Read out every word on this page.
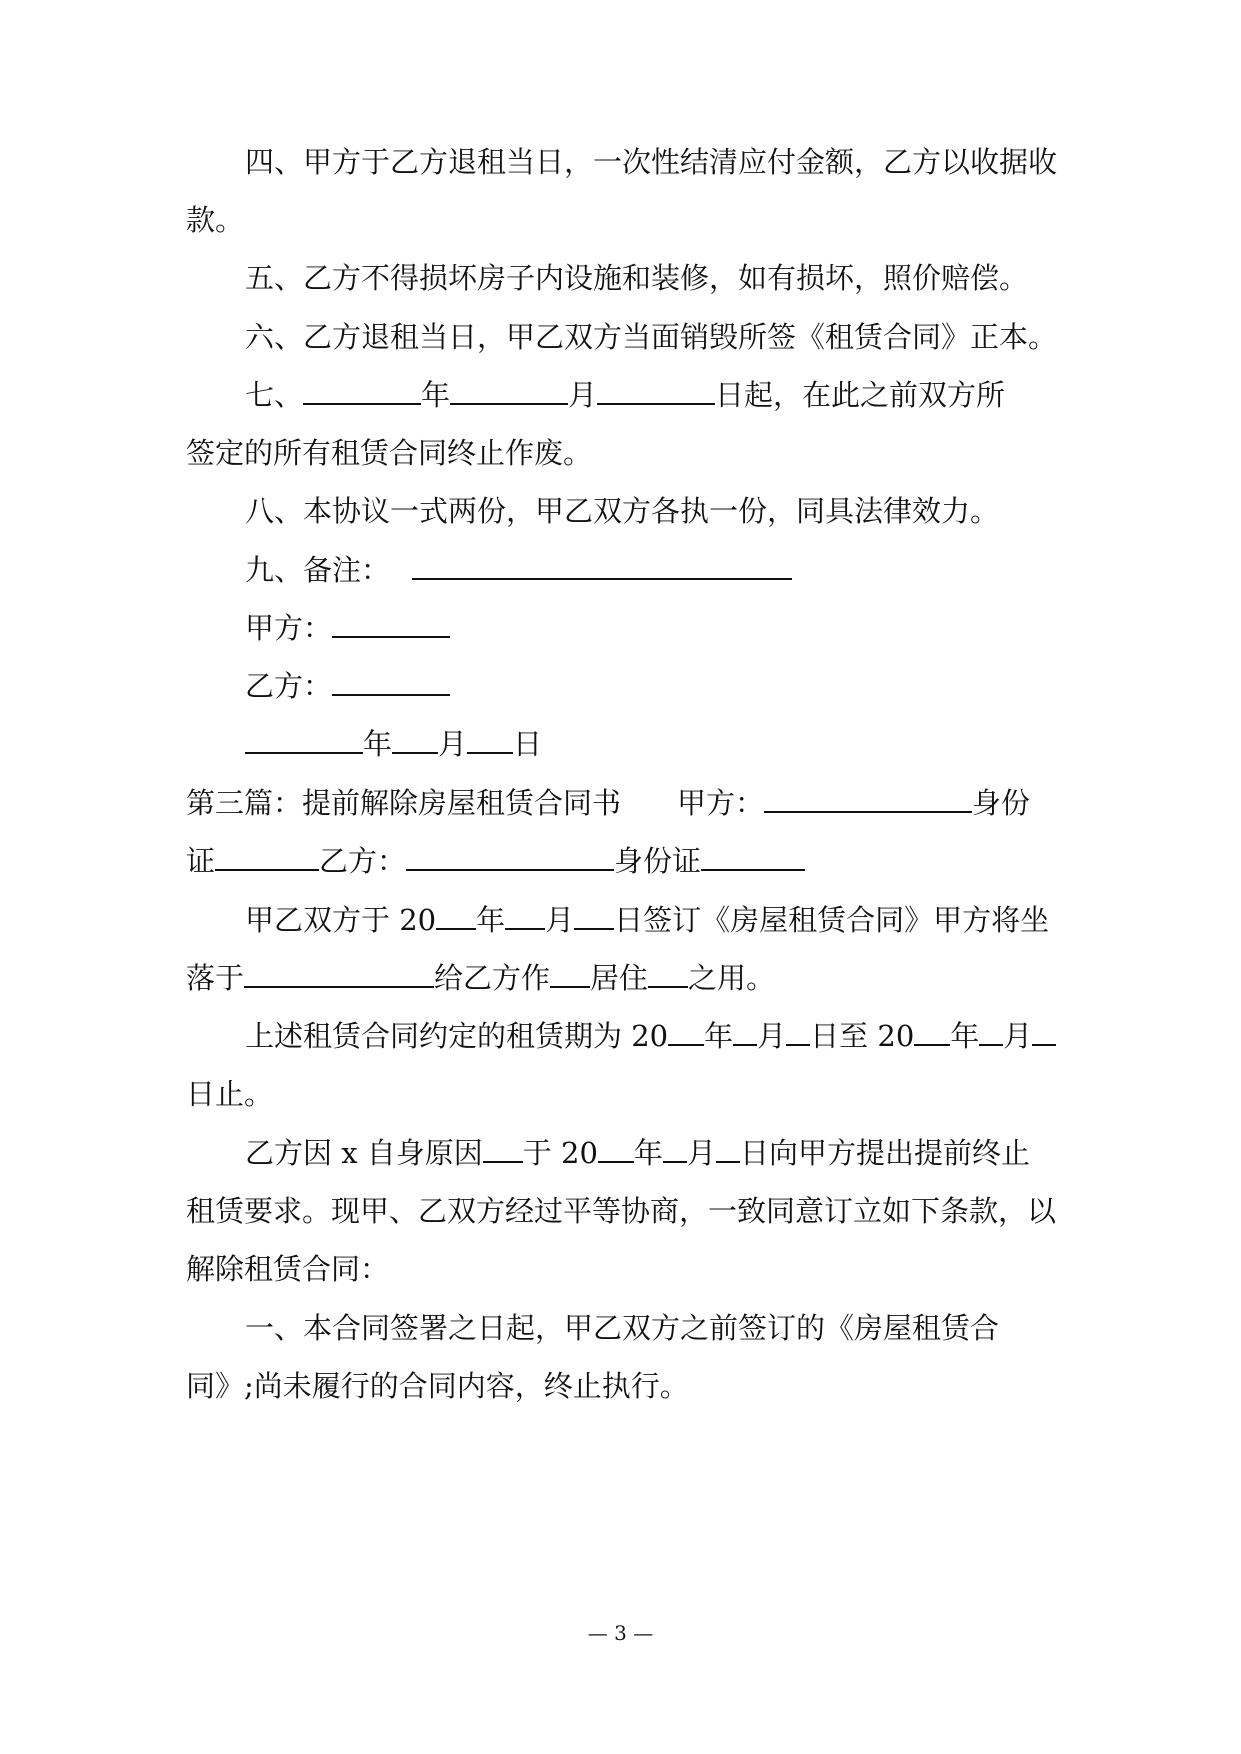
四、甲方于乙方退租当日，一次性结清应付金额，乙方以收据收
款。
五、乙方不得损坏房子内设施和装修，如有损坏，照价赔偿。
六、乙方退租当日，甲乙双方当面销毁所签《租赁合同》正本。
七、	年	月	日起，在此之前双方所
签定的所有租赁合同终止作废。
八、本协议一式两份，甲乙双方各执一份，同具法律效力。
九、备注：
甲方：
乙方：
年 月 日
第三篇：提前解除房屋租赁合同书 甲方：	身份
证	乙方：	身份证
甲乙双方于 20 年 月 日签订《房屋租赁合同》甲方将坐
落于	给乙方作 居住 之用。
上述租赁合同约定的租赁期为 20 年 月 日至 20 年 月
日止。
乙方因 x 自身原因 于 20 年 月 日向甲方提出提前终止
租赁要求。现甲、乙双方经过平等协商，一致同意订立如下条款，以
解除租赁合同：
一、本合同签署之日起，甲乙双方之前签订的《房屋租赁合
同》;尚未履行的合同内容，终止执行。
— 3 —
